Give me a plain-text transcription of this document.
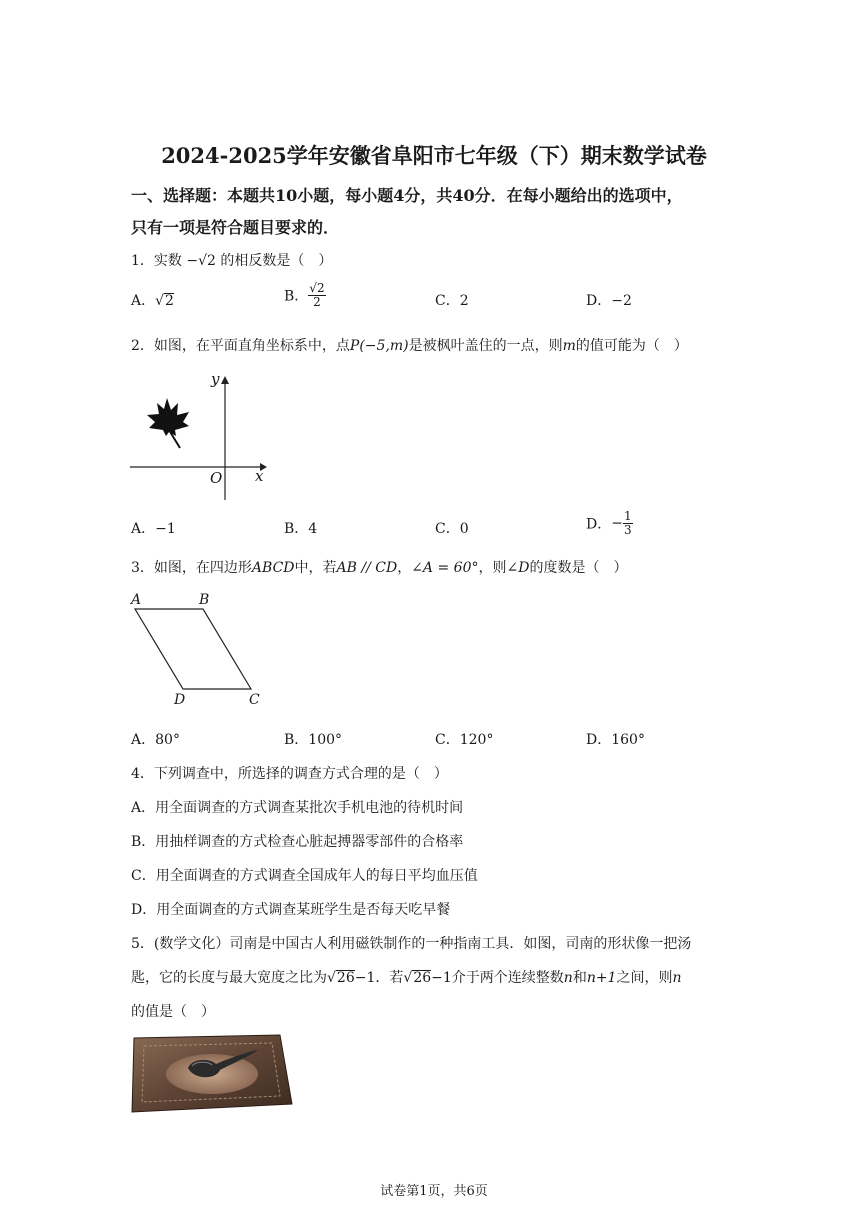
2024-2025学年安徽省阜阳市七年级（下）期末数学试卷
一、选择题：本题共10小题，每小题4分，共40分．在每小题给出的选项中，
只有一项是符合题目要求的．
1．实数 −√2 的相反数是（　）
A．√2	B． $\frac{√2}{2}$	C．2	D．−2
2．如图，在平面直角坐标系中，点P(−5,m)是被枫叶盖住的一点，则m的值可能为（　）
y
x
O
A．−1	B．4	C．0	D．− $\frac{1}{3}$
3．如图，在四边形ABCD中，若AB // CD，∠A = 60°，则∠D的度数是（　）
A	B
C
D
A．80°	B．100°	C．120°	D．160°
4．下列调查中，所选择的调查方式合理的是（　）
A．用全面调查的方式调查某批次手机电池的待机时间
B．用抽样调查的方式检查心脏起搏器零部件的合格率
C．用全面调查的方式调查全国成年人的每日平均血压值
D．用全面调查的方式调查某班学生是否每天吃早餐
5．(数学文化）司南是中国古人利用磁铁制作的一种指南工具．如图，司南的形状像一把汤
匙，它的长度与最大宽度之比为√26−1．若√26−1介于两个连续整数n和n+1之间，则n
的值是（　）
试卷第1页，共6页
